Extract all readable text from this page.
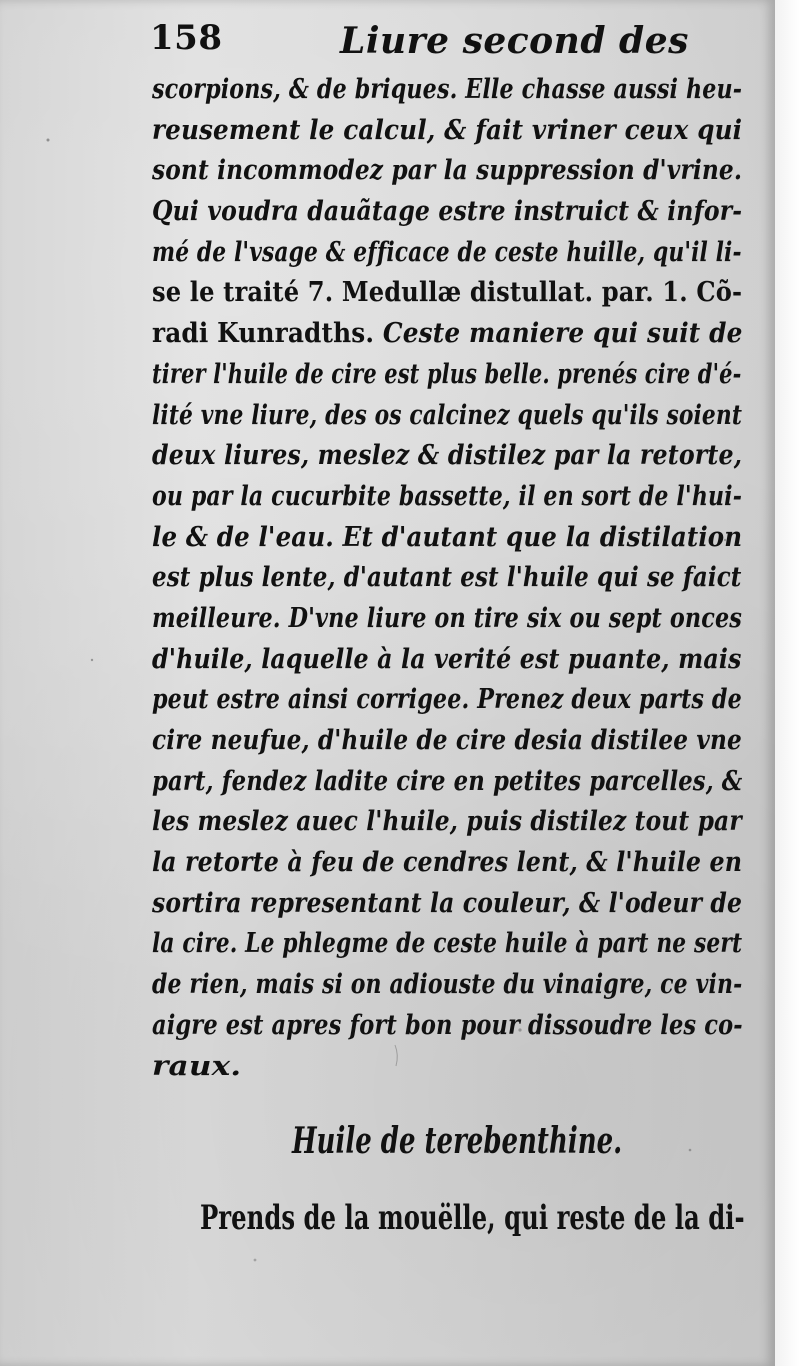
158	Liure second des
scorpions, & de briques. Elle chasse aussi heu-
reusement le calcul, & fait vriner ceux qui
sont incommodez par la suppression d'vrine.
Qui voudra dauãtage estre instruict & infor-
mé de l'vsage & efficace de ceste huille, qu'il li-
se le traité 7. Medullæ distullat. par. 1. Cõ-
radi Kunradths. Ceste maniere qui suit de
tirer l'huile de cire est plus belle. prenés cire d'é-
lité vne liure, des os calcinez quels qu'ils soient
deux liures, meslez & distilez par la retorte,
ou par la cucurbite bassette, il en sort de l'hui-
le & de l'eau. Et d'autant que la distilation
est plus lente, d'autant est l'huile qui se faict
meilleure. D'vne liure on tire six ou sept onces
d'huile, laquelle à la verité est puante, mais
peut estre ainsi corrigee. Prenez deux parts de
cire neufue, d'huile de cire desia distilee vne
part, fendez ladite cire en petites parcelles, &
les meslez auec l'huile, puis distilez tout par
la retorte à feu de cendres lent, & l'huile en
sortira representant la couleur, & l'odeur de
la cire. Le phlegme de ceste huile à part ne sert
de rien, mais si on adiouste du vinaigre, ce vin-
aigre est apres fort bon pour dissoudre les co-
raux.
Huile de terebenthine.
Prends de la mouëlle, qui reste de la di-
